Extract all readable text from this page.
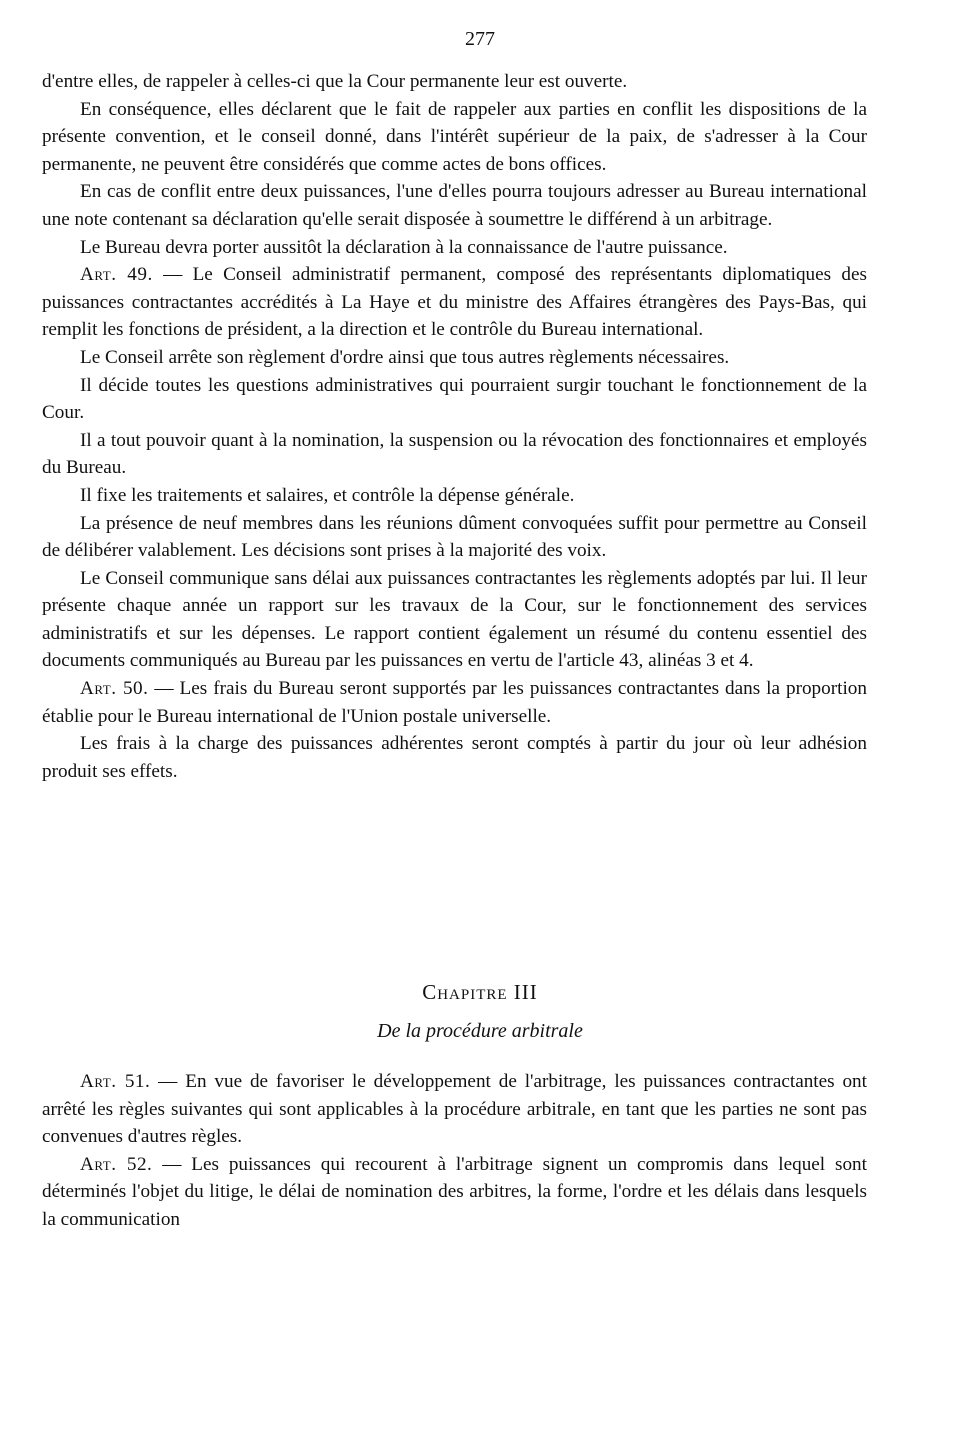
277

d'entre elles, de rappeler à celles-ci que la Cour permanente leur est ouverte.

En conséquence, elles déclarent que le fait de rappeler aux parties en conflit les dispositions de la présente convention, et le conseil donné, dans l'intérêt supérieur de la paix, de s'adresser à la Cour permanente, ne peuvent être considérés que comme actes de bons offices.

En cas de conflit entre deux puissances, l'une d'elles pourra toujours adresser au Bureau international une note contenant sa déclaration qu'elle serait disposée à soumettre le différend à un arbitrage.

Le Bureau devra porter aussitôt la déclaration à la connaissance de l'autre puissance.

Art. 49. — Le Conseil administratif permanent, composé des représentants diplomatiques des puissances contractantes accrédités à La Haye et du ministre des Affaires étrangères des Pays-Bas, qui remplit les fonctions de président, a la direction et le contrôle du Bureau international.

Le Conseil arrête son règlement d'ordre ainsi que tous autres règlements nécessaires.

Il décide toutes les questions administratives qui pourraient surgir touchant le fonctionnement de la Cour.

Il a tout pouvoir quant à la nomination, la suspension ou la révocation des fonctionnaires et employés du Bureau.

Il fixe les traitements et salaires, et contrôle la dépense générale.

La présence de neuf membres dans les réunions dûment convoquées suffit pour permettre au Conseil de délibérer valablement. Les décisions sont prises à la majorité des voix.

Le Conseil communique sans délai aux puissances contractantes les règlements adoptés par lui. Il leur présente chaque année un rapport sur les travaux de la Cour, sur le fonctionnement des services administratifs et sur les dépenses. Le rapport contient également un résumé du contenu essentiel des documents communiqués au Bureau par les puissances en vertu de l'article 43, alinéas 3 et 4.

Art. 50. — Les frais du Bureau seront supportés par les puissances contractantes dans la proportion établie pour le Bureau international de l'Union postale universelle.

Les frais à la charge des puissances adhérentes seront comptés à partir du jour où leur adhésion produit ses effets.

Chapitre III
De la procédure arbitrale

Art. 51. — En vue de favoriser le développement de l'arbitrage, les puissances contractantes ont arrêté les règles suivantes qui sont applicables à la procédure arbitrale, en tant que les parties ne sont pas convenues d'autres règles.

Art. 52. — Les puissances qui recourent à l'arbitrage signent un compromis dans lequel sont déterminés l'objet du litige, le délai de nomination des arbitres, la forme, l'ordre et les délais dans lesquels la communication
